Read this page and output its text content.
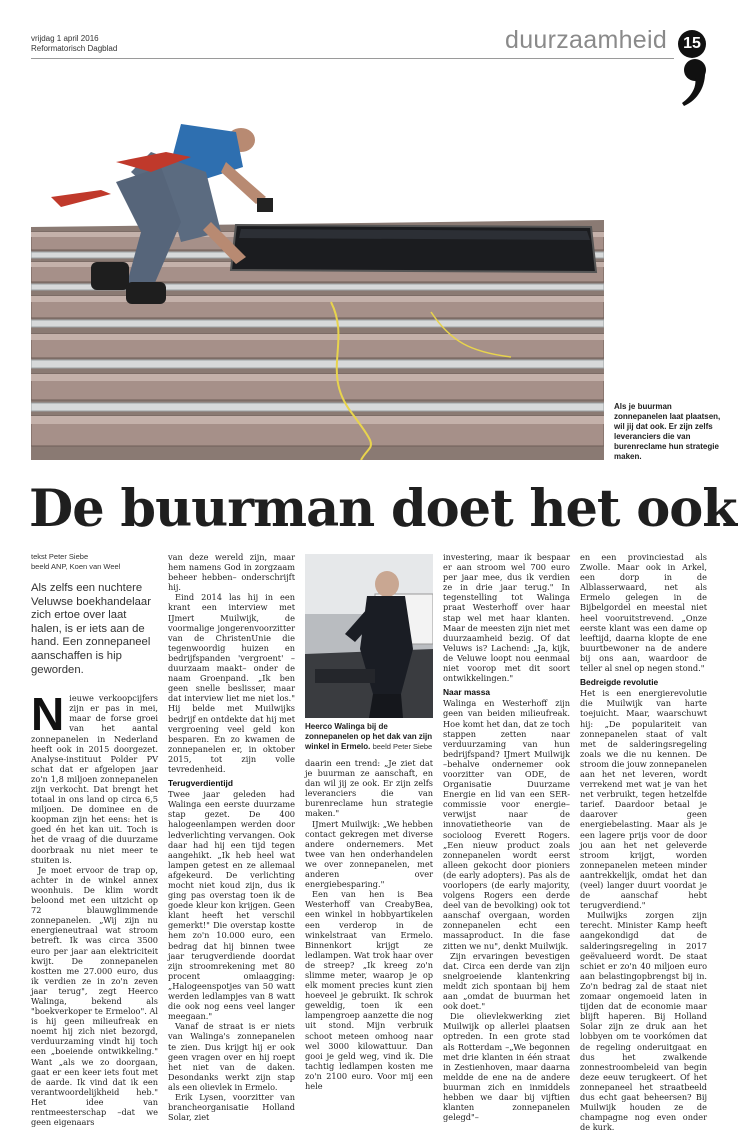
vrijdag 1 april 2016
Reformatorisch Dagblad	duurzaamheid	15
Als je buurman zonnepanelen laat plaatsen, wil jij dat ook. Er zijn zelfs leveranciers die van burenreclame hun strategie maken.
De buurman doet het ook
tekst Peter Siebe
beeld ANP, Koen van Weel
Als zelfs een nuchtere Veluwse boekhandelaar zich ertoe over laat halen, is er iets aan de hand. Een zonnepaneel aanschaffen is hip geworden.
N ieuwe verkoopcijfers zijn er pas in mei, maar de forse groei van het aantal zonnepanelen in Nederland heeft ook in 2015 doorgezet. Analyse-instituut Polder PV schat dat er afgelopen jaar zo'n 1,8 miljoen zonnepanelen zijn verkocht. Dat brengt het totaal in ons land op circa 6,5 miljoen. De dominee en de koopman zijn het eens: het is goed én het kan uit. Toch is het de vraag of die duurzame doorbraak nu niet meer te stuiten is.

Je moet ervoor de trap op, achter in de winkel annex woonhuis. De klim wordt beloond met een uitzicht op 72 blauwglimmende zonnepanelen. „Wij zijn nu energieneutraal wat stroom betreft. Ik was circa 3500 euro per jaar aan elektriciteit kwijt. De zonnepanelen kostten me 27.000 euro, dus ik verdien ze in zo'n zeven jaar terug", zegt Heerco Walinga, bekend als "boekverkoper te Ermeloo". Al is hij geen milieufreak en noemt hij zich niet bezorgd, verduurzaming vindt hij toch een „boeiende ontwikkeling." Want „als we zo doorgaan, gaat er een keer iets fout met de aarde. Ik vind dat ik een verantwoordelijkheid heb." Het idee van rentmeesterschap –dat we geen eigenaars

van deze wereld zijn, maar hem namens God in zorgzaam beheer hebben– onderschrijft hij.

Eind 2014 las hij in een krant een interview met IJmert Muilwijk, de voormalige jongerenvoorzitter van de ChristenUnie die tegenwoordig huizen en bedrijfspanden 'vergroent' –duurzaam maakt– onder de naam Groenpand. „Ik ben geen snelle beslisser, maar dat interview liet me niet los." Hij belde met Muilwijks bedrijf en ontdekte dat hij met vergroening veel geld kon besparen. En zo kwamen de zonnepanelen er, in oktober 2015, tot zijn volle tevredenheid.

Terugverdientijd

Twee jaar geleden had Walinga een eerste duurzame stap gezet. De 400 halogeenlampen werden door ledverlichting vervangen. Ook daar had hij een tijd tegen aangehikt. „Ik heb heel wat lampen getest en ze allemaal afgekeurd. De verlichting mocht niet koud zijn, dus ik ging pas overstag toen ik de goede kleur kon krijgen. Geen klant heeft het verschil gemerkt!" Die overstap kostte hem zo'n 10.000 euro, een bedrag dat hij binnen twee jaar terugverdiende doordat zijn stroomrekening met 80 procent omlaagging: „Halogeenspotjes van 50 watt werden ledlampjes van 8 watt die ook nog eens veel langer meegaan."

Vanaf de straat is er niets van Walinga's zonnepanelen te zien. Dus krijgt hij er ook geen vragen over en hij roept het niet van de daken. Desondanks werkt zijn stap als een olievlek in Ermelo.

Erik Lysen, voorzitter van brancheorganisatie Holland Solar, ziet

Heerco Walinga bij de zonnepanelen op het dak van zijn winkel in Ermelo. beeld Peter Siebe

daarin een trend: „Je ziet dat je buurman ze aanschaft, en dan wil jij ze ook. Er zijn zelfs leveranciers die van burenreclame hun strategie maken."

IJmert Muilwijk: „We hebben contact gekregen met diverse andere ondernemers. Met twee van hen onderhandelen we over zonnepanelen, met anderen over energiebesparing."

Een van hen is Bea Westerhoff van CreabyBea, een winkel in hobbyartikelen een verderop in de winkelstraat van Ermelo. Binnenkort krijgt ze ledlampen. Wat trok haar over de streep? „Ik kreeg zo'n slimme meter, waarop je op elk moment precies kunt zien hoeveel je gebruikt. Ik schrok geweldig, toen ik een lampengroep aanzette die nog uit stond. Mijn verbruik schoot meteen omhoog naar wel 3000 kilowattuur. Dan gooi je geld weg, vind ik. Die tachtig ledlampen kosten me zo'n 2100 euro. Voor mij een hele

investering, maar ik bespaar er aan stroom wel 700 euro per jaar mee, dus ik verdien ze in drie jaar terug." In tegenstelling tot Walinga praat Westerhoff over haar stap wel met haar klanten. Maar de meesten zijn niet met duurzaamheid bezig. Of dat Veluws is? Lachend: „Ja, kijk, de Veluwe loopt nou eenmaal niet voorop met dit soort ontwikkelingen."

Naar massa

Walinga en Westerhoff zijn geen van beiden milieufreak. Hoe komt het dan, dat ze toch stappen zetten naar verduurzaming van hun bedrijfspand? IJmert Muilwijk –behalve ondernemer ook voorzitter van ODE, de Organisatie Duurzame Energie en lid van een SER-commissie voor energie– verwijst naar de innovatietheorie van de socioloog Everett Rogers. „Een nieuw product zoals zonnepanelen wordt eerst alleen gekocht door pioniers (de early adopters). Pas als de voorlopers (de early majority, volgens Rogers een derde deel van de bevolking) ook tot aanschaf overgaan, worden zonnepanelen echt een massaproduct. In die fase zitten we nu", denkt Muilwijk.

Zijn ervaringen bevestigen dat. Circa een derde van zijn snelgroeiende klantenkring meldt zich spontaan bij hem aan „omdat de buurman het ook doet."

Die olievlekwerking ziet Muilwijk op allerlei plaatsen optreden. In een grote stad als Rotterdam –„We begonnen met drie klanten in één straat in Zestienhoven, maar daarna meldde de ene na de andere buurman zich en inmiddels hebben we daar bij vijftien klanten zonnepanelen gelegd"–

en een provinciestad als Zwolle. Maar ook in Arkel, een dorp in de Alblasserwaard, net als Ermelo gelegen in de Bijbelgordel en meestal niet heel vooruitstrevend. „Onze eerste klant was een dame op leeftijd, daarna klopte de ene buurtbewoner na de andere bij ons aan, waardoor de teller al snel op negen stond."

Bedreigde revolutie

Het is een energierevolutie die Muilwijk van harte toejuicht. Maar, waarschuwt hij: „De populariteit van zonnepanelen staat of valt met de salderingsregeling zoals we die nu kennen. De stroom die jouw zonnepanelen aan het net leveren, wordt verrekend met wat je van het net verbruikt, tegen hetzelfde tarief. Daardoor betaal je daarover geen energiebelasting. Maar als je een lagere prijs voor de door jou aan het net geleverde stroom krijgt, worden zonnepanelen meteen minder aantrekkelijk, omdat het dan (veel) langer duurt voordat je de aanschaf hebt terugverdiend."

Muilwijks zorgen zijn terecht. Minister Kamp heeft aangekondigd dat de salderingsregeling in 2017 geëvalueerd wordt. De staat schiet er zo'n 40 miljoen euro aan belastingopbrengst bij in. Zo'n bedrag zal de staat niet zomaar ongemoeid laten in tijden dat de economie maar blijft haperen. Bij Holland Solar zijn ze druk aan het lobbyen om te voorkómen dat de regeling onderuitgaat en dus het zwalkende zonnestroombeleid van begin deze eeuw terugkeert. Of het zonnepaneel het straatbeeld dus echt gaat beheersen? Bij Muilwijk houden ze de champagne nog even onder de kurk.
